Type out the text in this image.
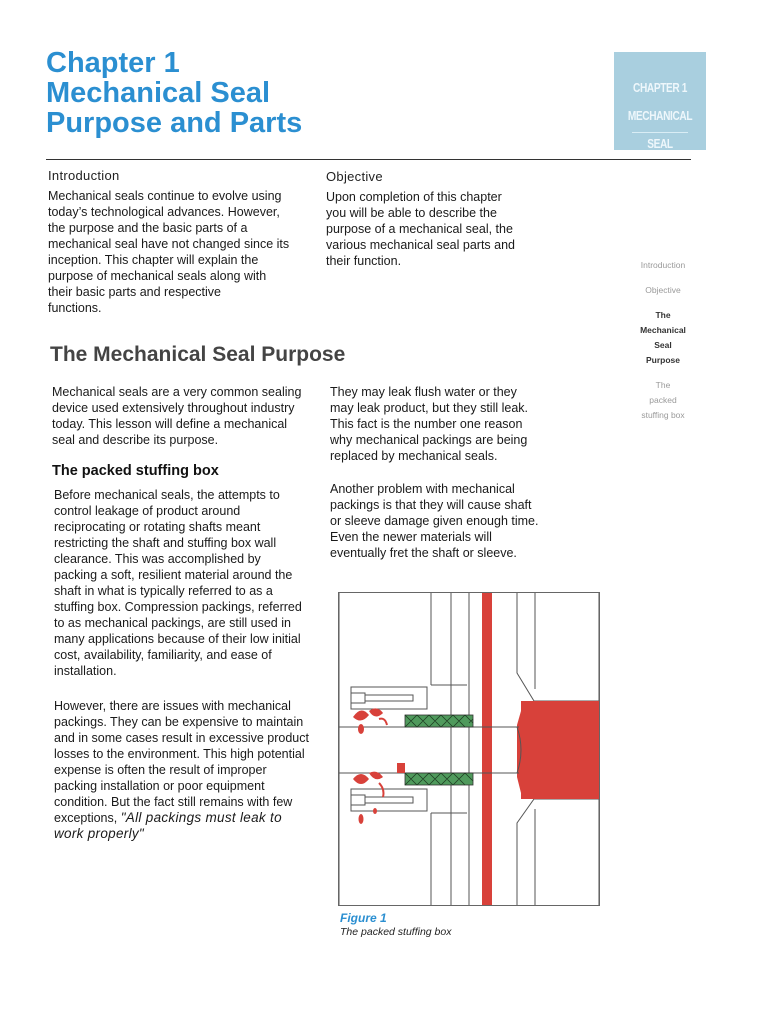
Chapter 1
Mechanical Seal
Purpose and Parts
CHAPTER 1
MECHANICAL
SEAL
Introduction
Mechanical seals continue to evolve using
today’s technological advances. However,
the purpose and the basic parts of a
mechanical seal have not changed since its
inception. This chapter will explain the
purpose of mechanical seals along with
their basic parts and respective
functions.
Objective
Upon completion of this chapter
you will be able to describe the
purpose of a mechanical seal, the
various mechanical seal parts and
their function.	Introduction
Objective
The
Mechanical
Seal
Purpose
The
packed
stuffing box
The Mechanical Seal Purpose
Mechanical seals are a very common sealing
device used extensively throughout industry
today. This lesson will define a mechanical
seal and describe its purpose.
They may leak flush water or they
may leak product, but they still leak.
This fact is the number one reason
why mechanical packings are being
replaced by mechanical seals.
Another problem with mechanical
packings is that they will cause shaft
or sleeve damage given enough time.
Even the newer materials will
eventually fret the shaft or sleeve.
The packed stuffing box
Before mechanical seals, the attempts to
control leakage of product around
reciprocating or rotating shafts meant
restricting the shaft and stuffing box wall
clearance. This was accomplished by
packing a soft, resilient material around the
shaft in what is typically referred to as a
stuffing box. Compression packings, referred
to as mechanical packings, are still used in
many applications because of their low initial
cost, availability, familiarity, and ease of
installation.
However, there are issues with mechanical
packings. They can be expensive to maintain
and in some cases result in excessive product
losses to the environment. This high potential
expense is often the result of improper
packing installation or poor equipment
condition. But the fact still remains with few
exceptions, "All packings must leak to
work properly"
Figure 1
The packed stuffing box
